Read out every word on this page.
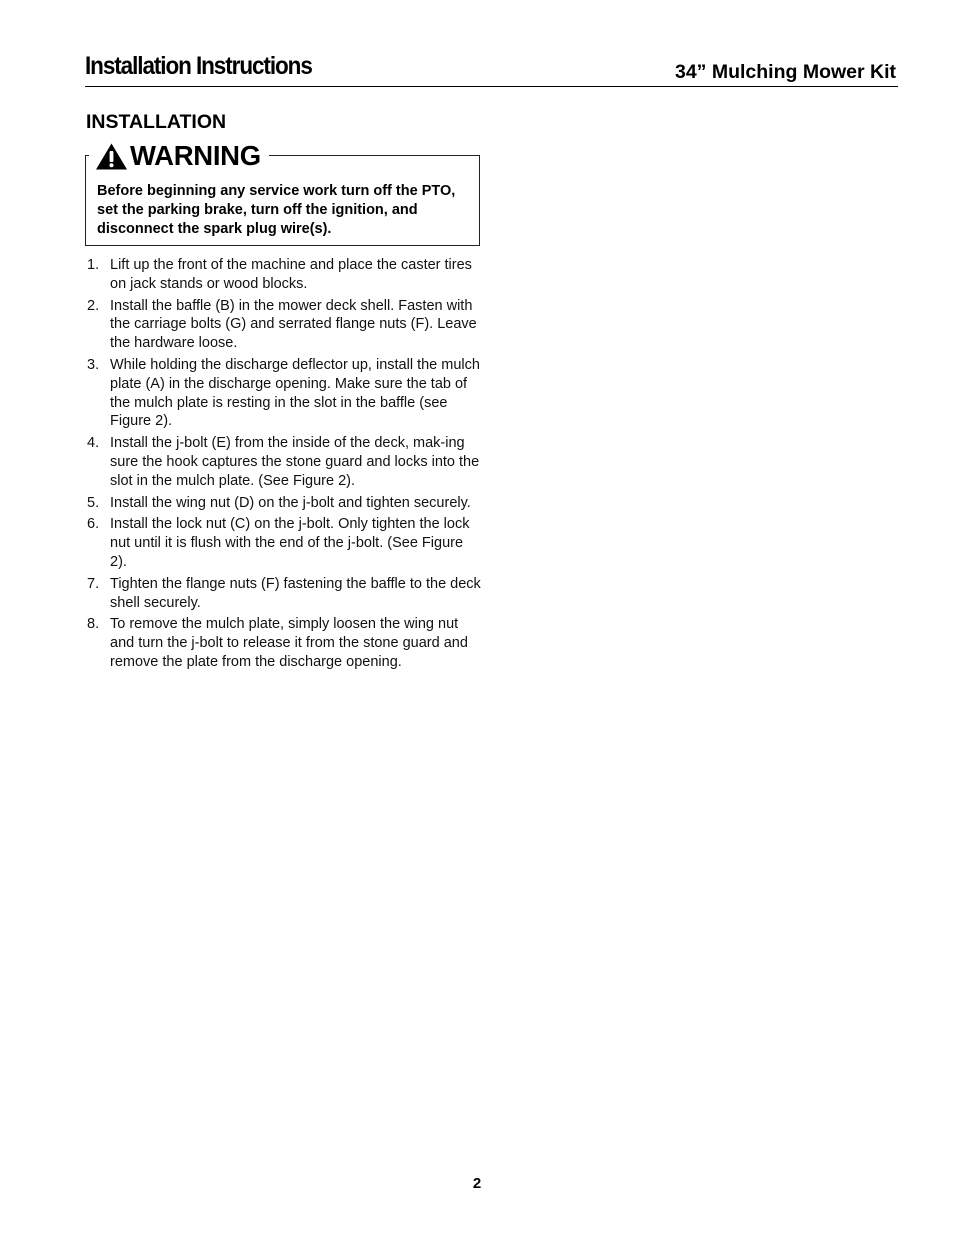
Installation Instructions	34” Mulching Mower Kit
INSTALLATION
WARNING
Before beginning any service work turn off the PTO, set the parking brake, turn off the ignition, and disconnect the spark plug wire(s).
1. Lift up the front of the machine and place the caster tires on jack stands or wood blocks.
2. Install the baffle (B) in the mower deck shell. Fasten with the carriage bolts (G) and serrated flange nuts (F). Leave the hardware loose.
3. While holding the discharge deflector up, install the mulch plate (A) in the discharge opening. Make sure the tab of the mulch plate is resting in the slot in the baffle (see Figure 2).
4. Install the j-bolt (E) from the inside of the deck, mak-ing sure the hook captures the stone guard and locks into the slot in the mulch plate. (See Figure 2).
5. Install the wing nut (D) on the j-bolt and tighten securely.
6. Install the lock nut (C) on the j-bolt. Only tighten the lock nut until it is flush with the end of the j-bolt. (See Figure 2).
7. Tighten the flange nuts (F) fastening the baffle to the deck shell securely.
8. To remove the mulch plate, simply loosen the wing nut and turn the j-bolt to release it from the stone guard and remove the plate from the discharge opening.
2
